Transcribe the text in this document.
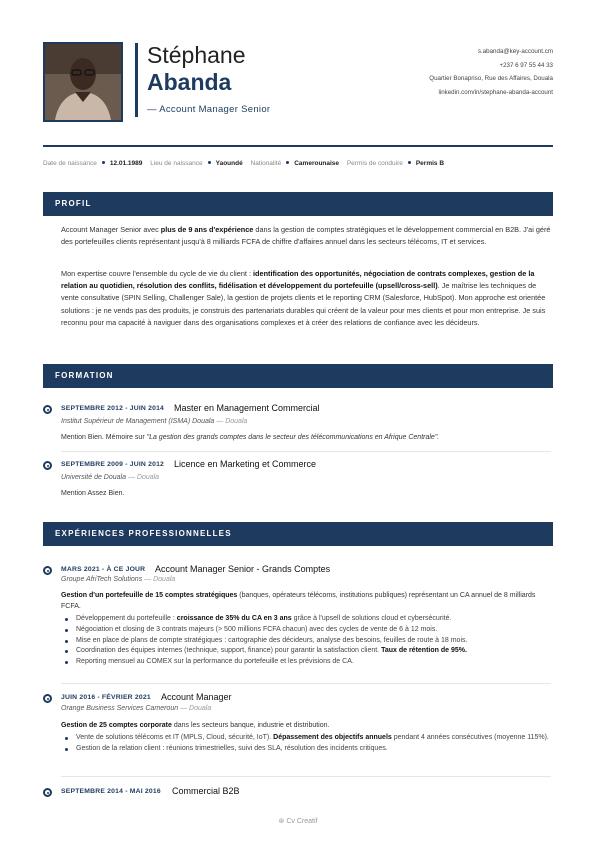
Stéphane
Abanda
— Account Manager Senior
s.abanda@key-account.cm
+237 6 97 55 44 33
Quartier Bonapriso, Rue des Affaires, Douala
linkedin.com/in/stephane-abanda-account
Date de naissance 12.01.1989 Lieu de naissance Yaoundé Nationalité Camerounaise Permis de conduire Permis B
PROFIL
Account Manager Senior avec plus de 9 ans d'expérience dans la gestion de comptes stratégiques et le développement commercial en B2B. J'ai géré des portefeuilles clients représentant jusqu'à 8 milliards FCFA de chiffre d'affaires annuel dans les secteurs télécoms, IT et services.
Mon expertise couvre l'ensemble du cycle de vie du client : identification des opportunités, négociation de contrats complexes, gestion de la relation au quotidien, résolution des conflits, fidélisation et développement du portefeuille (upsell/cross-sell). Je maîtrise les techniques de vente consultative (SPIN Selling, Challenger Sale), la gestion de projets clients et le reporting CRM (Salesforce, HubSpot). Mon approche est orientée solutions : je ne vends pas des produits, je construis des partenariats durables qui créent de la valeur pour mes clients et pour mon entreprise. Je suis reconnu pour ma capacité à naviguer dans des organisations complexes et à créer des relations de confiance avec les décideurs.
FORMATION
SEPTEMBRE 2012 - JUIN 2014 Master en Management Commercial
Institut Supérieur de Management (ISMA) Douala — Douala
Mention Bien. Mémoire sur "La gestion des grands comptes dans le secteur des télécommunications en Afrique Centrale".
SEPTEMBRE 2009 - JUIN 2012 Licence en Marketing et Commerce
Université de Douala — Douala
Mention Assez Bien.
EXPÉRIENCES PROFESSIONNELLES
MARS 2021 - À CE JOUR Account Manager Senior - Grands Comptes
Groupe AfriTech Solutions — Douala
Gestion d'un portefeuille de 15 comptes stratégiques (banques, opérateurs télécoms, institutions publiques) représentant un CA annuel de 8 milliards FCFA.
Développement du portefeuille : croissance de 35% du CA en 3 ans grâce à l'upsell de solutions cloud et cybersécurité.
Négociation et closing de 3 contrats majeurs (> 500 millions FCFA chacun) avec des cycles de vente de 6 à 12 mois.
Mise en place de plans de compte stratégiques : cartographie des décideurs, analyse des besoins, feuilles de route à 18 mois.
Coordination des équipes internes (technique, support, finance) pour garantir la satisfaction client. Taux de rétention de 95%.
Reporting mensuel au COMEX sur la performance du portefeuille et les prévisions de CA.
JUIN 2016 - FÉVRIER 2021 Account Manager
Orange Business Services Cameroun — Douala
Gestion de 25 comptes corporate dans les secteurs banque, industrie et distribution.
Vente de solutions télécoms et IT (MPLS, Cloud, sécurité, IoT). Dépassement des objectifs annuels pendant 4 années consécutives (moyenne 115%).
Gestion de la relation client : réunions trimestrielles, suivi des SLA, résolution des incidents critiques.
SEPTEMBRE 2014 - MAI 2016 Commercial B2B
⊛ Cv Creatif
